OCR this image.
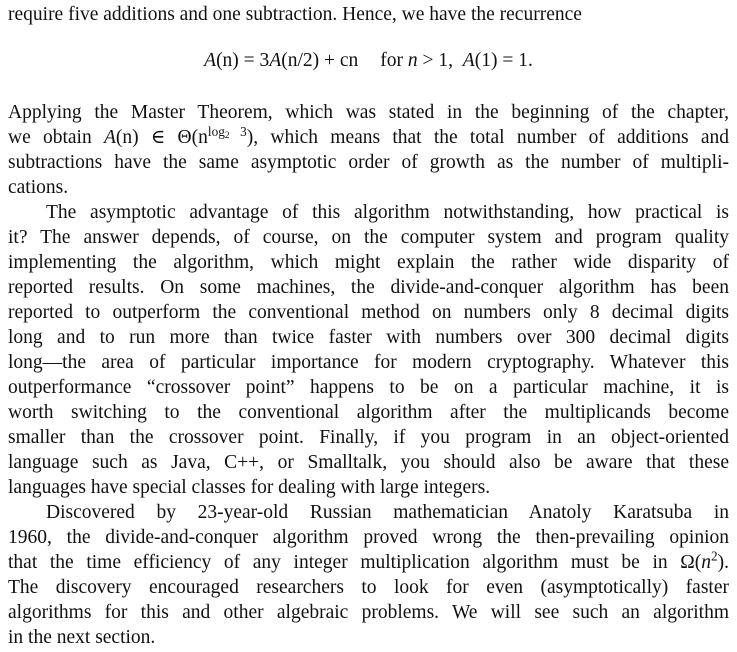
require five additions and one subtraction. Hence, we have the recurrence
A(n) = 3A(n/2) + cn for n > 1, A(1) = 1.
Applying the Master Theorem, which was stated in the beginning of the chapter,
we obtain A(n) ∈ $\Theta(n^{log_2 3})$, which means that the total number of additions and
subtractions have the same asymptotic order of growth as the number of multipli-
cations.
The asymptotic advantage of this algorithm notwithstanding, how practical is
it? The answer depends, of course, on the computer system and program quality
implementing the algorithm, which might explain the rather wide disparity of
reported results. On some machines, the divide-and-conquer algorithm has been
reported to outperform the conventional method on numbers only 8 decimal digits
long and to run more than twice faster with numbers over 300 decimal digits
long—the area of particular importance for modern cryptography. Whatever this
outperformance “crossover point” happens to be on a particular machine, it is
worth switching to the conventional algorithm after the multiplicands become
smaller than the crossover point. Finally, if you program in an object-oriented
language such as Java, C++, or Smalltalk, you should also be aware that these
languages have special classes for dealing with large integers.
Discovered by 23-year-old Russian mathematician Anatoly Karatsuba in
1960, the divide-and-conquer algorithm proved wrong the then-prevailing opinion
that the time efficiency of any integer multiplication algorithm must be in $\Omega(n^2)$.
The discovery encouraged researchers to look for even (asymptotically) faster
algorithms for this and other algebraic problems. We will see such an algorithm
in the next section.
